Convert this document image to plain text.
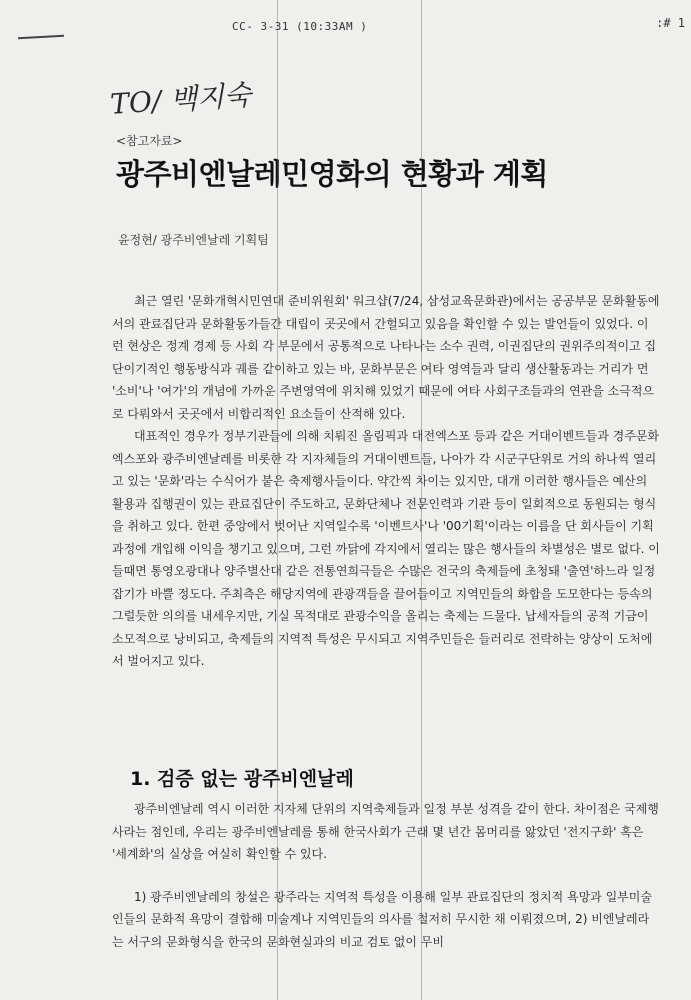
CC- 3-31 (10:33AM )	:# 1
TO/ 백지숙
<참고자료>
광주비엔날레민영화의 현황과 계획
윤정현/ 광주비엔날레 기획팀

최근 열린 '문화개혁시민연대 준비위원회' 워크샵(7/24, 삼성교육문화관)에서는 공공부문 문화활동에서의 관료집단과 문화활동가들간 대립이 곳곳에서 간헐되고 있음을 확인할 수 있는 발언들이 있었다. 이런 현상은 정계 경제 등 사회 각 부문에서 공통적으로 나타나는 소수 권력, 이권집단의 권위주의적이고 집단이기적인 행동방식과 궤를 같이하고 있는 바, 문화부문은 여타 영역들과 달리 생산활동과는 거리가 먼 '소비'나 '여가'의 개념에 가까운 주변영역에 위치해 있었기 때문에 여타 사회구조들과의 연관을 소극적으로 다뤄와서 곳곳에서 비합리적인 요소들이 산적해 있다.

대표적인 경우가 정부기관들에 의해 치뤄진 올림픽과 대전엑스포 등과 같은 거대이벤트들과 경주문화엑스포와 광주비엔날레를 비롯한 각 지자체들의 거대이벤트들, 나아가 각 시군구단위로 거의 하나씩 열리고 있는 '문화'라는 수식어가 붙은 축제행사들이다. 약간씩 차이는 있지만, 대개 이러한 행사들은 예산의 활용과 집행권이 있는 관료집단이 주도하고, 문화단체나 전문인력과 기관 등이 일회적으로 동원되는 형식을 취하고 있다. 한편 중앙에서 벗어난 지역일수록 '이벤트사'나 '00기획'이라는 이름을 단 회사들이 기획과정에 개입해 이익을 챙기고 있으며, 그런 까닭에 각지에서 열리는 많은 행사들의 차별성은 별로 없다. 이들때면 통영오광대나 양주별산대 같은 전통연희극들은 수많은 전국의 축제들에 초청돼 '출연'하느라 일정 잡기가 바쁠 정도다. 주최측은 해당지역에 관광객들을 끌어들이고 지역민들의 화합을 도모한다는 등속의 그럴듯한 의의를 내세우지만, 기실 목적대로 관광수익을 올리는 축제는 드물다. 납세자들의 공적 기금이 소모적으로 낭비되고, 축제들의 지역적 특성은 무시되고 지역주민들은 들러리로 전락하는 양상이 도처에서 벌어지고 있다.

1. 검증 없는 광주비엔날레

광주비엔날레 역시 이러한 지자체 단위의 지역축제들과 일정 부분 성격을 같이 한다. 차이점은 국제행사라는 점인데, 우리는 광주비엔날레를 통해 한국사회가 근래 몇 년간 몸머리를 앓았던 '전지구화' 혹은 '세계화'의 실상을 여실히 확인할 수 있다.

1) 광주비엔날레의 창설은 광주라는 지역적 특성을 이용해 일부 관료집단의 정치적 욕망과 일부미술인들의 문화적 욕망이 결합해 미술계나 지역민들의 의사를 철저히 무시한 채 이뤄졌으며, 2) 비엔날레라는 서구의 문화형식을 한국의 문화현실과의 비교 검토 없이 무비
